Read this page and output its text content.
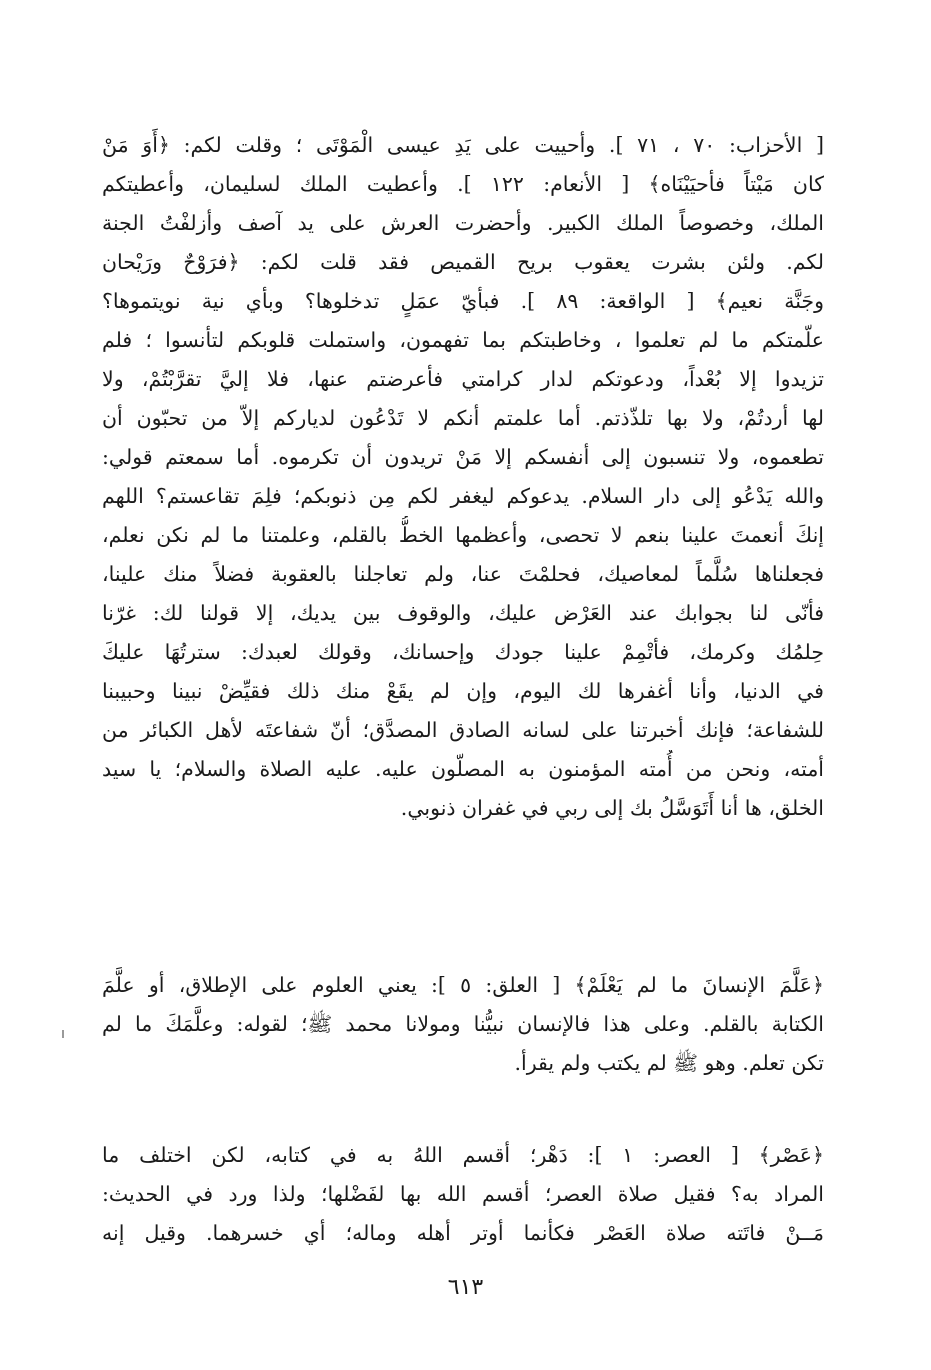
[ الأحزاب: ٧٠ ، ٧١ ]. وأحييت على يَدِ عيسى الْمَوْتَى ؛ وقلت لكم: ﴿أَوَ مَنْ
كان مَيْتاً فأحيَيْنَاه﴾ [ الأنعام: ١٢٢ ]. وأعطيت الملك لسليمان، وأعطيتكم
الملك، وخصوصاً الملك الكبير. وأحضرت العرش على يد آصف وأزلفْتُ الجنة
لكم. ولئن بشرت يعقوب بريح القميص فقد قلت لكم: ﴿فرَوْحٌ ورَيْحان
وجَنَّة نعيم﴾ [ الواقعة: ٨٩ ]. فبأيّ عمَلٍ تدخلوها؟ وبأي نية نويتموها؟
علّمتكم ما لم تعلموا ، وخاطبتكم بما تفهمون، واستملت قلوبكم لتأنسوا ؛ فلم
تزيدوا إلا بُعْداً، ودعوتكم لدار كرامتي فأعرضتم عنها، فلا إليَّ تقرَّبْتُمْ، ولا
لها أردتُمْ، ولا بها تلذّذتم. أما علمتم أنكم لا تَدْعُون لدياركم إلاّ من تحبّون أن
تطعموه، ولا تنسبون إلى أنفسكم إلا مَنْ تريدون أن تكرموه. أما سمعتم قولي:
والله يَدْعُو إلى دار السلام. يدعوكم ليغفر لكم مِن ذنوبكم؛ فلِمَ تقاعستم؟ اللهم
إنكَ أنعمتَ علينا بنعم لا تحصى، وأعظمها الخطُّ بالقلم، وعلمتنا ما لم نكن نعلم،
فجعلناها سُلَّماً لمعاصيك، فحلمْتَ عنا، ولم تعاجلنا بالعقوبة فضلاً منك علينا،
فأنّى لنا بجوابك عند العَرْض عليك، والوقوف بين يديك، إلا قولنا لك: غرّنا
حِلمُك وكرمك، فأتْمِمْ علينا جودك وإحسانك، وقولك لعبدك: سترتُهَا عليكَ
في الدنيا، وأنا أغفرها لك اليوم، وإن لم يقَعْ منك ذلك فقيِّضْ نبينا وحبيبنا
للشفاعة؛ فإنك أخبرتنا على لسانه الصادق المصدَّق؛ أنّ شفاعتَه لأهل الكبائر من
أمته، ونحن من أُمته المؤمنون به المصلّون عليه. عليه الصلاة والسلام؛ يا سيد
الخلق، ها أنا أَتَوَسَّلُ بك إلى ربي في غفران ذنوبي.
﴿عَلَّمَ الإنسانَ ما لم يَعْلَمْ﴾ [ العلق: ٥ ]: يعني العلوم على الإطلاق، أو علَّمَ
الكتابة بالقلم. وعلى هذا فالإنسان نبيُّنا ومولانا محمد ﷺ؛ لقوله: وعلَّمَكَ ما لم
تكن تعلم. وهو ﷺ لم يكتب ولم يقرأ.
﴿عَصْر﴾ [ العصر: ١ ]: دَهْر؛ أقسم اللهُ به في كتابه، لكن اختلف ما
المراد به؟ فقيل صلاة العصر؛ أقسم الله بها لفَضْلها؛ ولذا ورد في الحديث:
مَــنْ فاتَته صلاة العَصْر فكأنما أوتر أهله وماله؛ أي خسرهما. وقيل إنه
٦١٣
